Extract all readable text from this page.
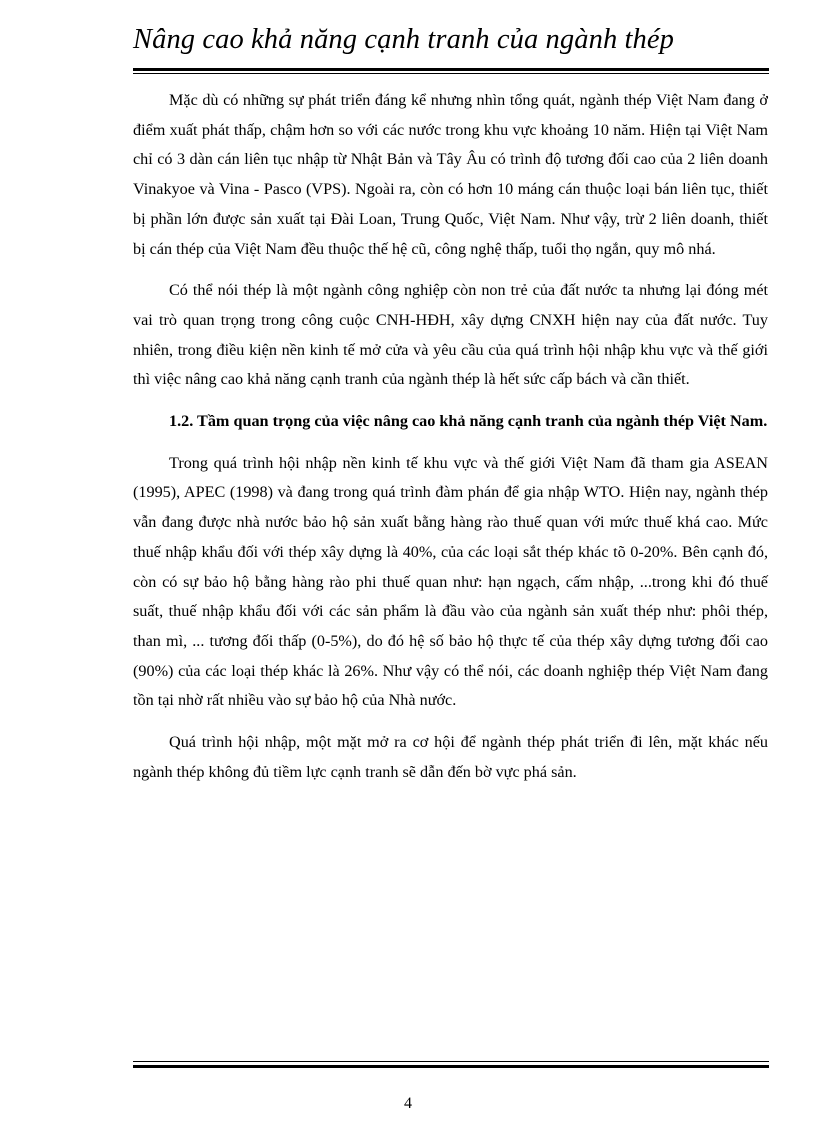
Nâng cao khả năng cạnh tranh của ngành thép

Mặc dù có những sự phát triển đáng kể nhưng nhìn tổng quát, ngành thép Việt Nam đang ở điểm xuất phát thấp, chậm hơn so với các nước trong khu vực khoảng 10 năm. Hiện tại Việt Nam chỉ có 3 dàn cán liên tục nhập từ Nhật Bản và Tây Âu có trình độ tương đối cao của 2 liên doanh Vinakyoe và Vina - Pasco (VPS). Ngoài ra, còn có hơn 10 máng cán thuộc loại bán liên tục, thiết bị phần lớn được sản xuất tại Đài Loan, Trung Quốc, Việt Nam. Như vậy, trừ 2 liên doanh, thiết bị cán thép của Việt Nam đều thuộc thế hệ cũ, công nghệ thấp, tuổi thọ ngắn, quy mô nhá.

Có thể nói thép là một ngành công nghiệp còn non trẻ của đất nước ta nhưng lại đóng mét vai trò quan trọng trong công cuộc CNH-HĐH, xây dựng CNXH hiện nay của đất nước. Tuy nhiên, trong điều kiện nền kinh tế mở cửa và yêu cầu của quá trình hội nhập khu vực và thế giới thì việc nâng cao khả năng cạnh tranh của ngành thép là hết sức cấp bách và cần thiết.

1.2. Tầm quan trọng của việc nâng cao khả năng cạnh tranh của ngành thép Việt Nam.

Trong quá trình hội nhập nền kinh tế khu vực và thế giới Việt Nam đã tham gia ASEAN (1995), APEC (1998) và đang trong quá trình đàm phán để gia nhập WTO. Hiện nay, ngành thép vẫn đang được nhà nước bảo hộ sản xuất bằng hàng rào thuế quan với mức thuế khá cao. Mức thuế nhập khẩu đối với thép xây dựng là 40%, của các loại sắt thép khác tõ 0-20%. Bên cạnh đó, còn có sự bảo hộ bằng hàng rào phi thuế quan như: hạn ngạch, cấm nhập, ...trong khi đó thuế suất, thuế nhập khẩu đối với các sản phẩm là đầu vào của ngành sản xuất thép như: phôi thép, than mì, ... tương đối thấp (0-5%), do đó hệ số bảo hộ thực tế của thép xây dựng tương đối cao (90%) của các loại thép khác là 26%. Như vậy có thể nói, các doanh nghiệp thép Việt Nam đang tồn tại nhờ rất nhiều vào sự bảo hộ của Nhà nước.

Quá trình hội nhập, một mặt mở ra cơ hội để ngành thép phát triển đi lên, mặt khác nếu ngành thép không đủ tiềm lực cạnh tranh sẽ dẫn đến bờ vực phá sản.

4
